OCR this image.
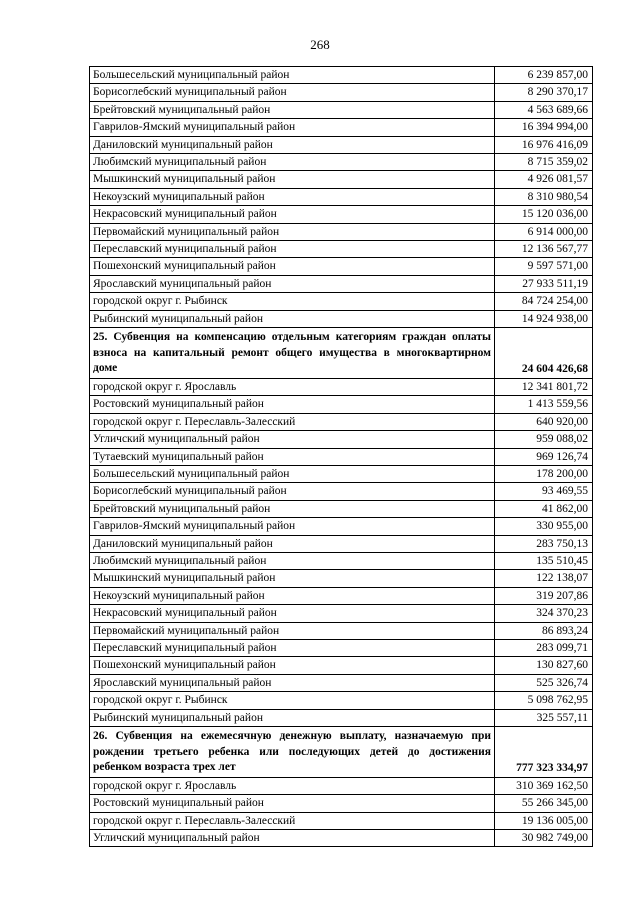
268
Большесельский муниципальный район	6 239 857,00
Борисоглебский муниципальный район	8 290 370,17
Брейтовский муниципальный район	4 563 689,66
Гаврилов-Ямский муниципальный район	16 394 994,00
Даниловский муниципальный район	16 976 416,09
Любимский муниципальный район	8 715 359,02
Мышкинский муниципальный район	4 926 081,57
Некоузский муниципальный район	8 310 980,54
Некрасовский муниципальный район	15 120 036,00
Первомайский муниципальный район	6 914 000,00
Переславский муниципальный район	12 136 567,77
Пошехонский муниципальный район	9 597 571,00
Ярославский муниципальный район	27 933 511,19
городской округ г. Рыбинск	84 724 254,00
Рыбинский муниципальный район	14 924 938,00
25. Субвенция на компенсацию отдельным категориям граждан оплаты взноса на капитальный ремонт общего имущества в многоквартирном доме	24 604 426,68
городской округ г. Ярославль	12 341 801,72
Ростовский муниципальный район	1 413 559,56
городской округ г. Переславль-Залесский	640 920,00
Угличский муниципальный район	959 088,02
Тутаевский муниципальный район	969 126,74
Большесельский муниципальный район	178 200,00
Борисоглебский муниципальный район	93 469,55
Брейтовский муниципальный район	41 862,00
Гаврилов-Ямский муниципальный район	330 955,00
Даниловский муниципальный район	283 750,13
Любимский муниципальный район	135 510,45
Мышкинский муниципальный район	122 138,07
Некоузский муниципальный район	319 207,86
Некрасовский муниципальный район	324 370,23
Первомайский муниципальный район	86 893,24
Переславский муниципальный район	283 099,71
Пошехонский муниципальный район	130 827,60
Ярославский муниципальный район	525 326,74
городской округ г. Рыбинск	5 098 762,95
Рыбинский муниципальный район	325 557,11
26. Субвенция на ежемесячную денежную выплату, назначаемую при рождении третьего ребенка или последующих детей до достижения ребенком возраста трех лет	777 323 334,97
городской округ г. Ярославль	310 369 162,50
Ростовский муниципальный район	55 266 345,00
городской округ г. Переславль-Залесский	19 136 005,00
Угличский муниципальный район	30 982 749,00
